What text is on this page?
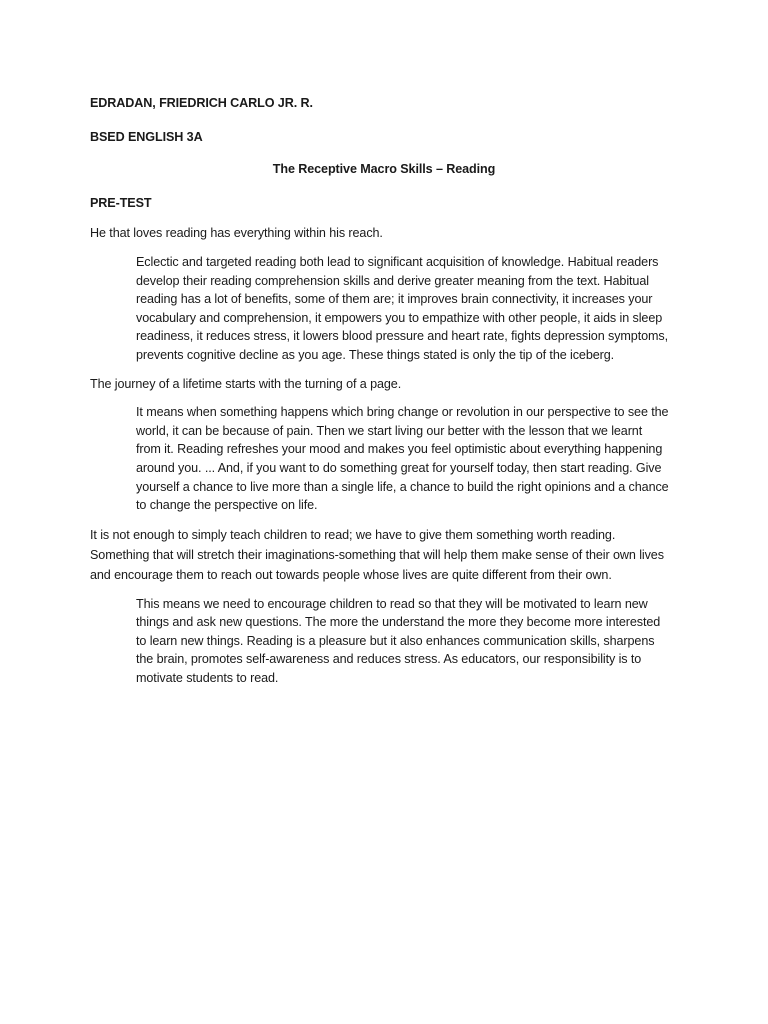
EDRADAN, FRIEDRICH CARLO JR. R.

BSED ENGLISH 3A

The Receptive Macro Skills – Reading

PRE-TEST

He that loves reading has everything within his reach.

Eclectic and targeted reading both lead to significant acquisition of knowledge. Habitual readers develop their reading comprehension skills and derive greater meaning from the text. Habitual reading has a lot of benefits, some of them are; it improves brain connectivity, it increases your vocabulary and comprehension, it empowers you to empathize with other people, it aids in sleep readiness, it reduces stress, it lowers blood pressure and heart rate, fights depression symptoms, prevents cognitive decline as you age. These things stated is only the tip of the iceberg.

The journey of a lifetime starts with the turning of a page.

It means when something happens which bring change or revolution in our perspective to see the world, it can be because of pain. Then we start living our better with the lesson that we learnt from it. Reading refreshes your mood and makes you feel optimistic about everything happening around you. ... And, if you want to do something great for yourself today, then start reading. Give yourself a chance to live more than a single life, a chance to build the right opinions and a chance to change the perspective on life.

It is not enough to simply teach children to read; we have to give them something worth reading. Something that will stretch their imaginations-something that will help them make sense of their own lives and encourage them to reach out towards people whose lives are quite different from their own.

This means we need to encourage children to read so that they will be motivated to learn new things and ask new questions. The more the understand the more they become more interested to learn new things. Reading is a pleasure but it also enhances communication skills, sharpens the brain, promotes self-awareness and reduces stress. As educators, our responsibility is to motivate students to read.
